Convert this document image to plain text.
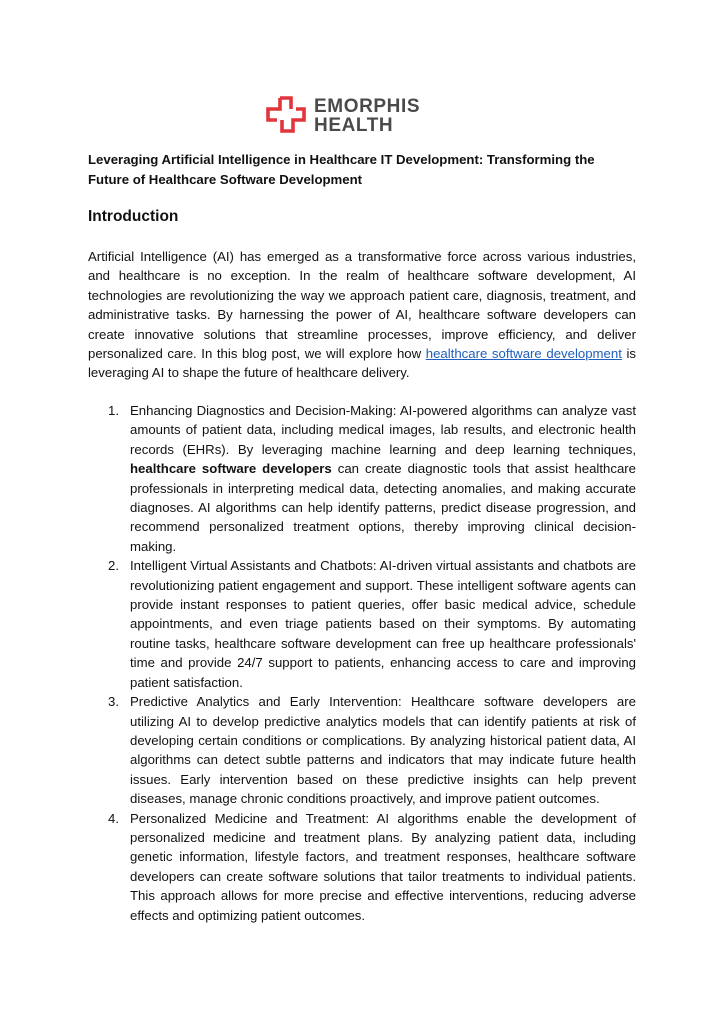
EMORPHIS
HEALTH
Leveraging Artificial Intelligence in Healthcare IT Development: Transforming the Future of Healthcare Software Development
Introduction

Artificial Intelligence (AI) has emerged as a transformative force across various industries, and healthcare is no exception. In the realm of healthcare software development, AI technologies are revolutionizing the way we approach patient care, diagnosis, treatment, and administrative tasks. By harnessing the power of AI, healthcare software developers can create innovative solutions that streamline processes, improve efficiency, and deliver personalized care. In this blog post, we will explore how healthcare software development is leveraging AI to shape the future of healthcare delivery.

1. Enhancing Diagnostics and Decision-Making: AI-powered algorithms can analyze vast amounts of patient data, including medical images, lab results, and electronic health records (EHRs). By leveraging machine learning and deep learning techniques, healthcare software developers can create diagnostic tools that assist healthcare professionals in interpreting medical data, detecting anomalies, and making accurate diagnoses. AI algorithms can help identify patterns, predict disease progression, and recommend personalized treatment options, thereby improving clinical decision-making.
2. Intelligent Virtual Assistants and Chatbots: AI-driven virtual assistants and chatbots are revolutionizing patient engagement and support. These intelligent software agents can provide instant responses to patient queries, offer basic medical advice, schedule appointments, and even triage patients based on their symptoms. By automating routine tasks, healthcare software development can free up healthcare professionals' time and provide 24/7 support to patients, enhancing access to care and improving patient satisfaction.
3. Predictive Analytics and Early Intervention: Healthcare software developers are utilizing AI to develop predictive analytics models that can identify patients at risk of developing certain conditions or complications. By analyzing historical patient data, AI algorithms can detect subtle patterns and indicators that may indicate future health issues. Early intervention based on these predictive insights can help prevent diseases, manage chronic conditions proactively, and improve patient outcomes.
4. Personalized Medicine and Treatment: AI algorithms enable the development of personalized medicine and treatment plans. By analyzing patient data, including genetic information, lifestyle factors, and treatment responses, healthcare software developers can create software solutions that tailor treatments to individual patients. This approach allows for more precise and effective interventions, reducing adverse effects and optimizing patient outcomes.
